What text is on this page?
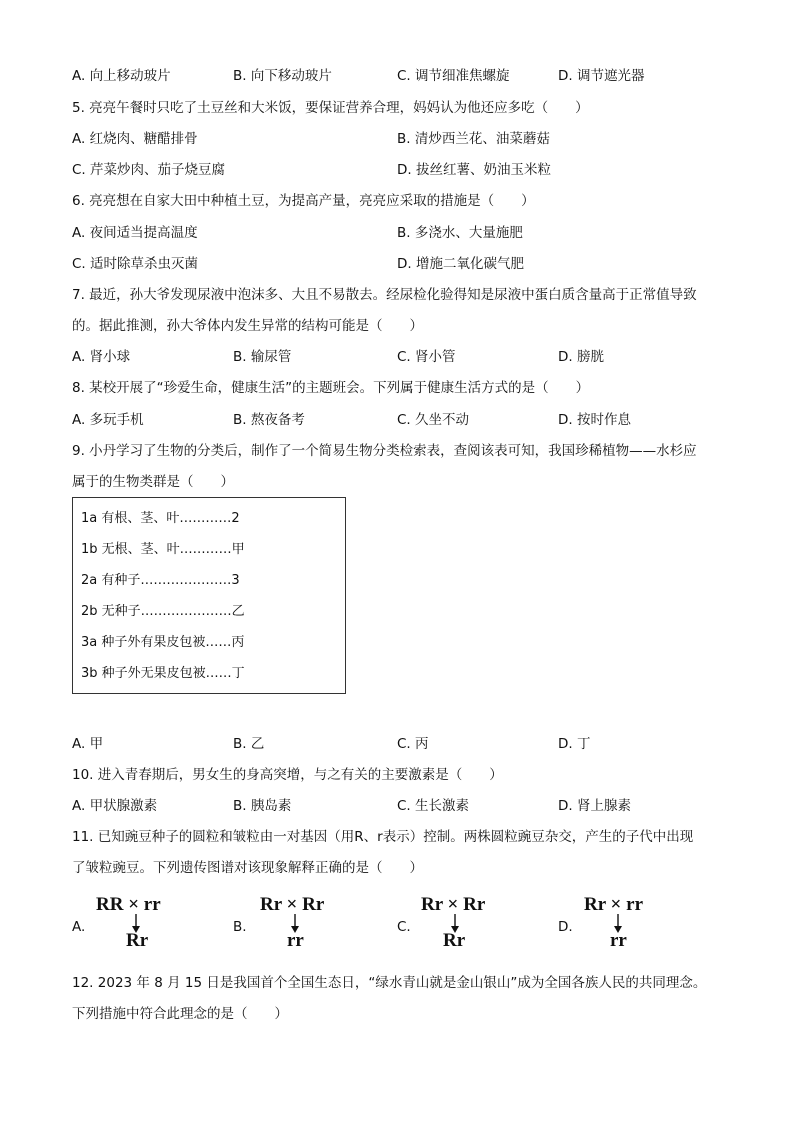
A. 向上移动玻片	B. 向下移动玻片	C. 调节细准焦螺旋	D. 调节遮光器
5. 亮亮午餐时只吃了土豆丝和大米饭，要保证营养合理，妈妈认为他还应多吃（　　）
A. 红烧肉、糖醋排骨	B. 清炒西兰花、油菜蘑菇
C. 芹菜炒肉、茄子烧豆腐	D. 拔丝红薯、奶油玉米粒
6. 亮亮想在自家大田中种植土豆，为提高产量，亮亮应采取的措施是（　　）
A. 夜间适当提高温度	B. 多浇水、大量施肥
C. 适时除草杀虫灭菌	D. 增施二氧化碳气肥
7. 最近，孙大爷发现尿液中泡沫多、大且不易散去。经尿检化验得知是尿液中蛋白质含量高于正常值导致
的。据此推测，孙大爷体内发生异常的结构可能是（　　）
A. 肾小球	B. 输尿管	C. 肾小管	D. 膀胱
8. 某校开展了“珍爱生命，健康生活”的主题班会。下列属于健康生活方式的是（　　）
A. 多玩手机	B. 熬夜备考	C. 久坐不动	D. 按时作息
9. 小丹学习了生物的分类后，制作了一个简易生物分类检索表，查阅该表可知，我国珍稀植物——水杉应
属于的生物类群是（　　）
1a 有根、茎、叶…………2
1b 无根、茎、叶…………甲
2a 有种子…………………3
2b 无种子…………………乙
3a 种子外有果皮包被……丙
3b 种子外无果皮包被……丁
A. 甲	B. 乙	C. 丙	D. 丁
10. 进入青春期后，男女生的身高突增，与之有关的主要激素是（　　）
A. 甲状腺激素	B. 胰岛素	C. 生长激素	D. 肾上腺素
11. 已知豌豆种子的圆粒和皱粒由一对基因（用R、r表示）控制。两株圆粒豌豆杂交，产生的子代中出现
了皱粒豌豆。下列遗传图谱对该现象解释正确的是（　　）
A.
RR × rr
Rr
B.
Rr × Rr
rr
C.
Rr × Rr
Rr
D.
Rr × rr
rr
12. 2023 年 8 月 15 日是我国首个全国生态日，“绿水青山就是金山银山”成为全国各族人民的共同理念。
下列措施中符合此理念的是（　　）
